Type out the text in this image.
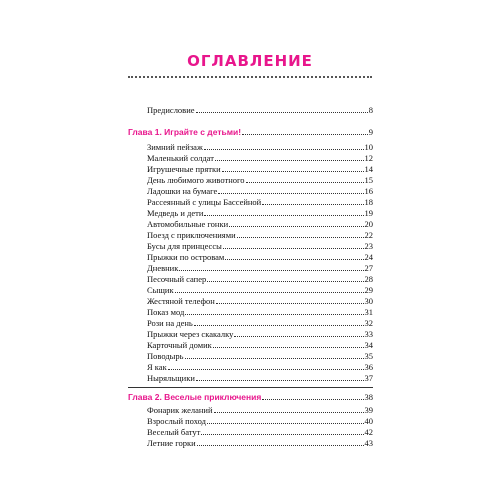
ОГЛАВЛЕНИЕ
Предисловие	8
Глава 1. Играйте с детьми!	9
Зимний пейзаж	10
Маленький солдат	12
Игрушечные прятки	14
День любимого животного	15
Ладошки на бумаге	16
Рассеянный с улицы Бассейной	18
Медведь и дети	19
Автомобильные гонки	20
Поезд с приключениями	22
Бусы для принцессы	23
Прыжки по островам	24
Дневник	27
Песочный сапер	28
Сыщик	29
Жестяной телефон	30
Показ мод	31
Рози на день	32
Прыжки через скакалку	33
Карточный домик	34
Поводырь	35
Я как	36
Ныряльщики	37
Глава 2. Веселые приключения	38
Фонарик желаний	39
Взрослый поход	40
Веселый батут	42
Летние горки	43
